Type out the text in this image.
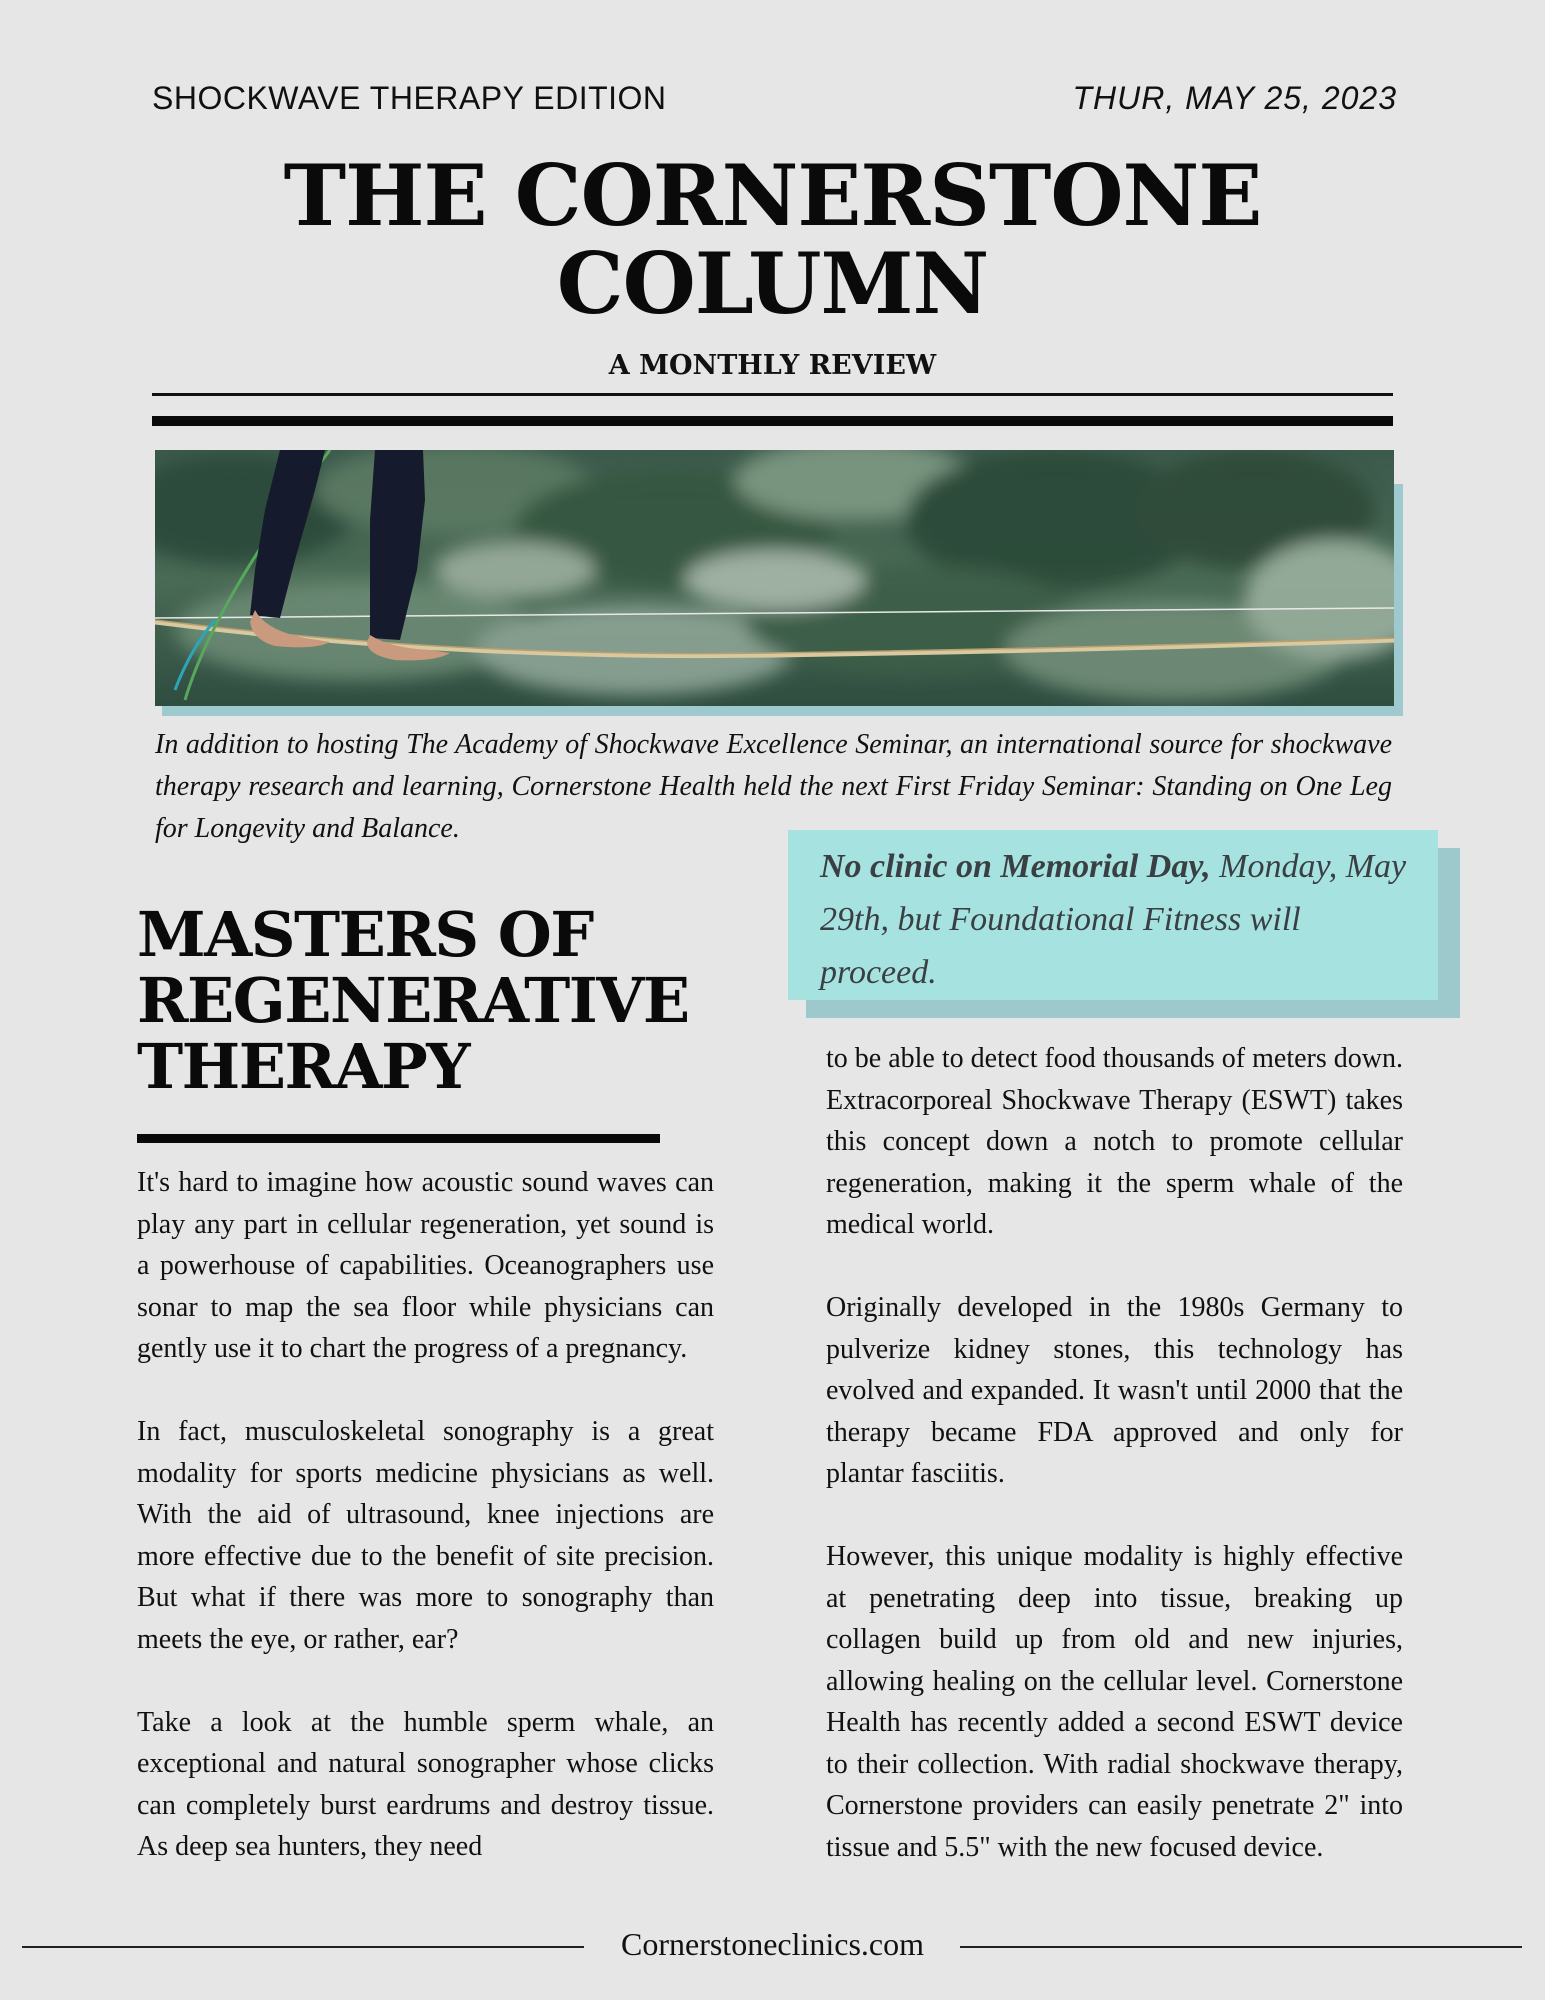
SHOCKWAVE THERAPY EDITION	THUR, MAY 25, 2023
THE CORNERSTONE
COLUMN
A MONTHLY REVIEW
In addition to hosting The Academy of Shockwave Excellence Seminar, an international source for shockwave therapy research and learning, Cornerstone Health held the next First Friday Seminar: Standing on One Leg for Longevity and Balance.
No clinic on Memorial Day, Monday, May 29th, but Foundational Fitness will proceed.
MASTERS OF REGENERATIVE THERAPY

It's hard to imagine how acoustic sound waves can play any part in cellular regeneration, yet sound is a powerhouse of capabilities. Oceanographers use sonar to map the sea floor while physicians can gently use it to chart the progress of a pregnancy.

In fact, musculoskeletal sonography is a great modality for sports medicine physicians as well. With the aid of ultrasound, knee injections are more effective due to the benefit of site precision. But what if there was more to sonography than meets the eye, or rather, ear?

Take a look at the humble sperm whale, an exceptional and natural sonographer whose clicks can completely burst eardrums and destroy tissue. As deep sea hunters, they need

to be able to detect food thousands of meters down. Extracorporeal Shockwave Therapy (ESWT) takes this concept down a notch to promote cellular regeneration, making it the sperm whale of the medical world.

Originally developed in the 1980s Germany to pulverize kidney stones, this technology has evolved and expanded. It wasn't until 2000 that the therapy became FDA approved and only for plantar fasciitis.

However, this unique modality is highly effective at penetrating deep into tissue, breaking up collagen build up from old and new injuries, allowing healing on the cellular level. Cornerstone Health has recently added a second ESWT device to their collection. With radial shockwave therapy, Cornerstone providers can easily penetrate 2" into tissue and 5.5" with the new focused device.

Cornerstoneclinics.com
